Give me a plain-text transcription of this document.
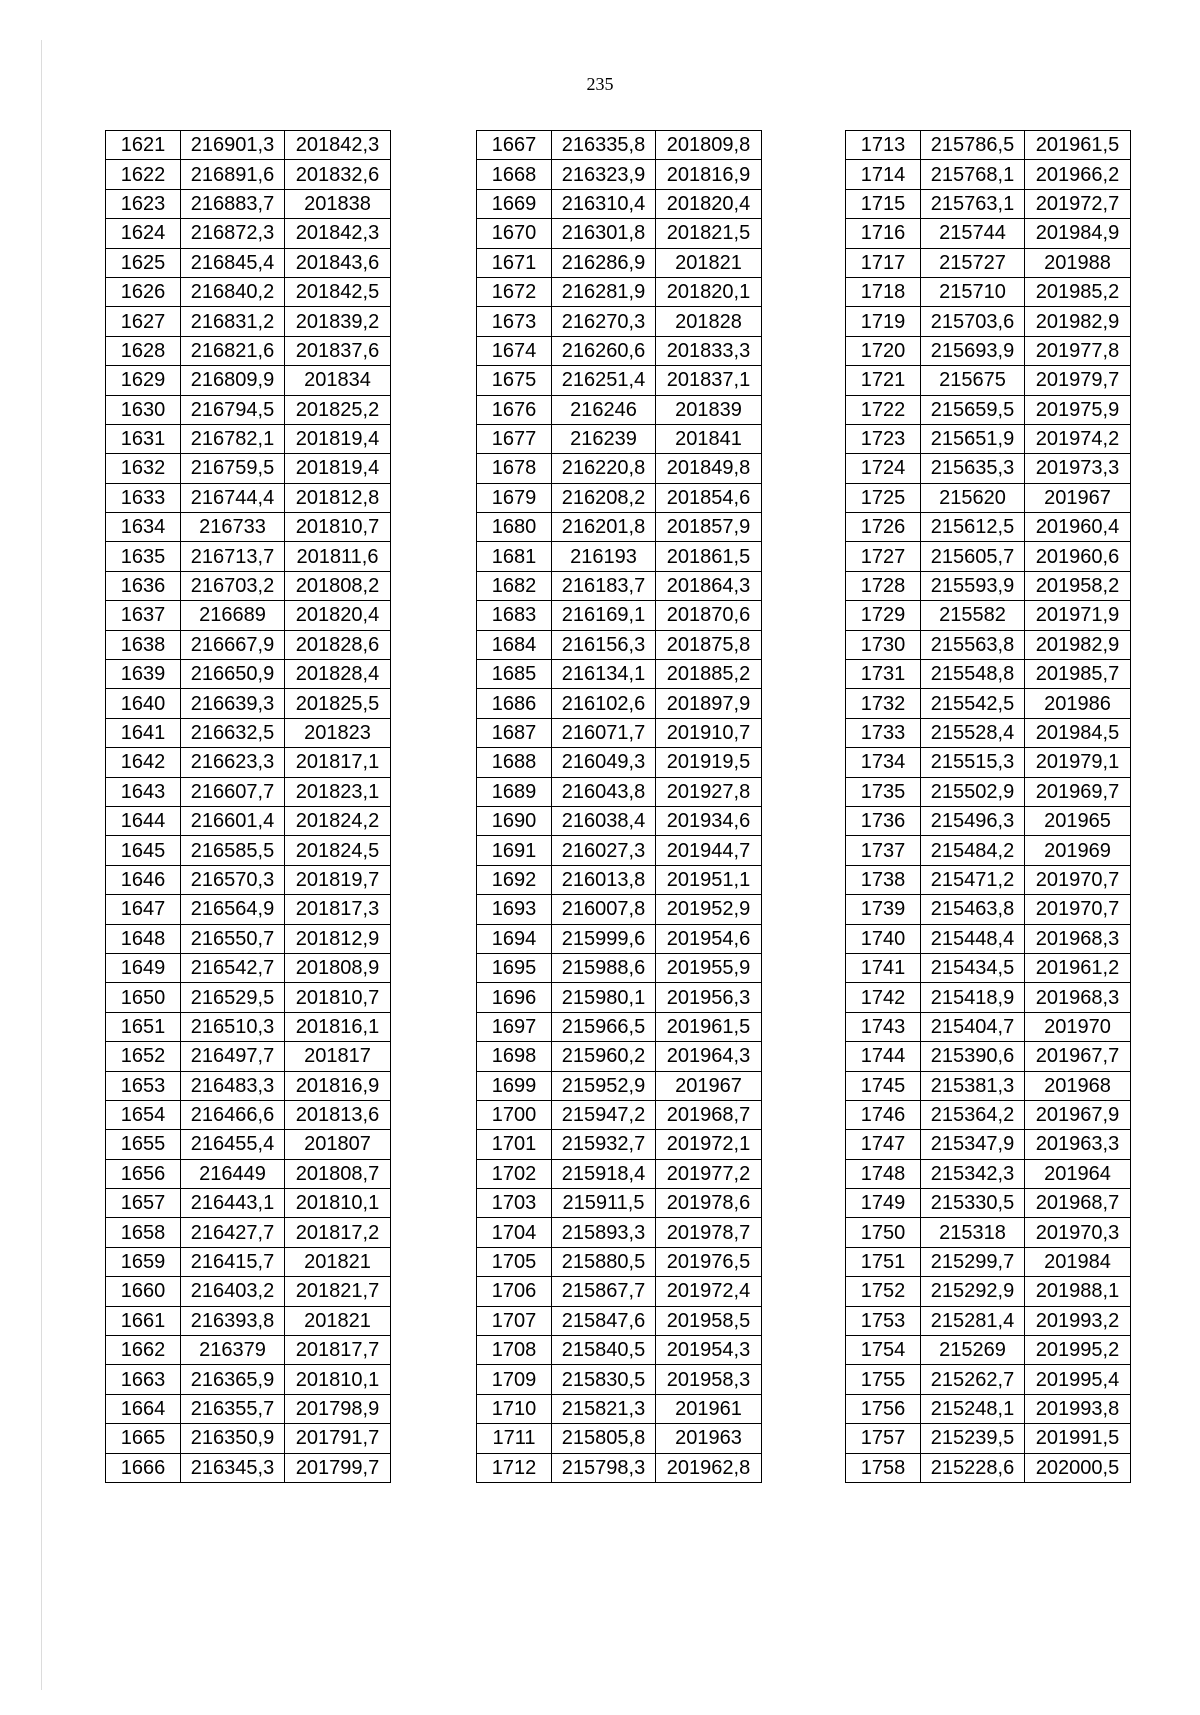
235
1621	216901,3	201842,3
1622	216891,6	201832,6
1623	216883,7	201838
1624	216872,3	201842,3
1625	216845,4	201843,6
1626	216840,2	201842,5
1627	216831,2	201839,2
1628	216821,6	201837,6
1629	216809,9	201834
1630	216794,5	201825,2
1631	216782,1	201819,4
1632	216759,5	201819,4
1633	216744,4	201812,8
1634	216733	201810,7
1635	216713,7	201811,6
1636	216703,2	201808,2
1637	216689	201820,4
1638	216667,9	201828,6
1639	216650,9	201828,4
1640	216639,3	201825,5
1641	216632,5	201823
1642	216623,3	201817,1
1643	216607,7	201823,1
1644	216601,4	201824,2
1645	216585,5	201824,5
1646	216570,3	201819,7
1647	216564,9	201817,3
1648	216550,7	201812,9
1649	216542,7	201808,9
1650	216529,5	201810,7
1651	216510,3	201816,1
1652	216497,7	201817
1653	216483,3	201816,9
1654	216466,6	201813,6
1655	216455,4	201807
1656	216449	201808,7
1657	216443,1	201810,1
1658	216427,7	201817,2
1659	216415,7	201821
1660	216403,2	201821,7
1661	216393,8	201821
1662	216379	201817,7
1663	216365,9	201810,1
1664	216355,7	201798,9
1665	216350,9	201791,7
1666	216345,3	201799,7
1667	216335,8	201809,8
1668	216323,9	201816,9
1669	216310,4	201820,4
1670	216301,8	201821,5
1671	216286,9	201821
1672	216281,9	201820,1
1673	216270,3	201828
1674	216260,6	201833,3
1675	216251,4	201837,1
1676	216246	201839
1677	216239	201841
1678	216220,8	201849,8
1679	216208,2	201854,6
1680	216201,8	201857,9
1681	216193	201861,5
1682	216183,7	201864,3
1683	216169,1	201870,6
1684	216156,3	201875,8
1685	216134,1	201885,2
1686	216102,6	201897,9
1687	216071,7	201910,7
1688	216049,3	201919,5
1689	216043,8	201927,8
1690	216038,4	201934,6
1691	216027,3	201944,7
1692	216013,8	201951,1
1693	216007,8	201952,9
1694	215999,6	201954,6
1695	215988,6	201955,9
1696	215980,1	201956,3
1697	215966,5	201961,5
1698	215960,2	201964,3
1699	215952,9	201967
1700	215947,2	201968,7
1701	215932,7	201972,1
1702	215918,4	201977,2
1703	215911,5	201978,6
1704	215893,3	201978,7
1705	215880,5	201976,5
1706	215867,7	201972,4
1707	215847,6	201958,5
1708	215840,5	201954,3
1709	215830,5	201958,3
1710	215821,3	201961
1711	215805,8	201963
1712	215798,3	201962,8
1713	215786,5	201961,5
1714	215768,1	201966,2
1715	215763,1	201972,7
1716	215744	201984,9
1717	215727	201988
1718	215710	201985,2
1719	215703,6	201982,9
1720	215693,9	201977,8
1721	215675	201979,7
1722	215659,5	201975,9
1723	215651,9	201974,2
1724	215635,3	201973,3
1725	215620	201967
1726	215612,5	201960,4
1727	215605,7	201960,6
1728	215593,9	201958,2
1729	215582	201971,9
1730	215563,8	201982,9
1731	215548,8	201985,7
1732	215542,5	201986
1733	215528,4	201984,5
1734	215515,3	201979,1
1735	215502,9	201969,7
1736	215496,3	201965
1737	215484,2	201969
1738	215471,2	201970,7
1739	215463,8	201970,7
1740	215448,4	201968,3
1741	215434,5	201961,2
1742	215418,9	201968,3
1743	215404,7	201970
1744	215390,6	201967,7
1745	215381,3	201968
1746	215364,2	201967,9
1747	215347,9	201963,3
1748	215342,3	201964
1749	215330,5	201968,7
1750	215318	201970,3
1751	215299,7	201984
1752	215292,9	201988,1
1753	215281,4	201993,2
1754	215269	201995,2
1755	215262,7	201995,4
1756	215248,1	201993,8
1757	215239,5	201991,5
1758	215228,6	202000,5
